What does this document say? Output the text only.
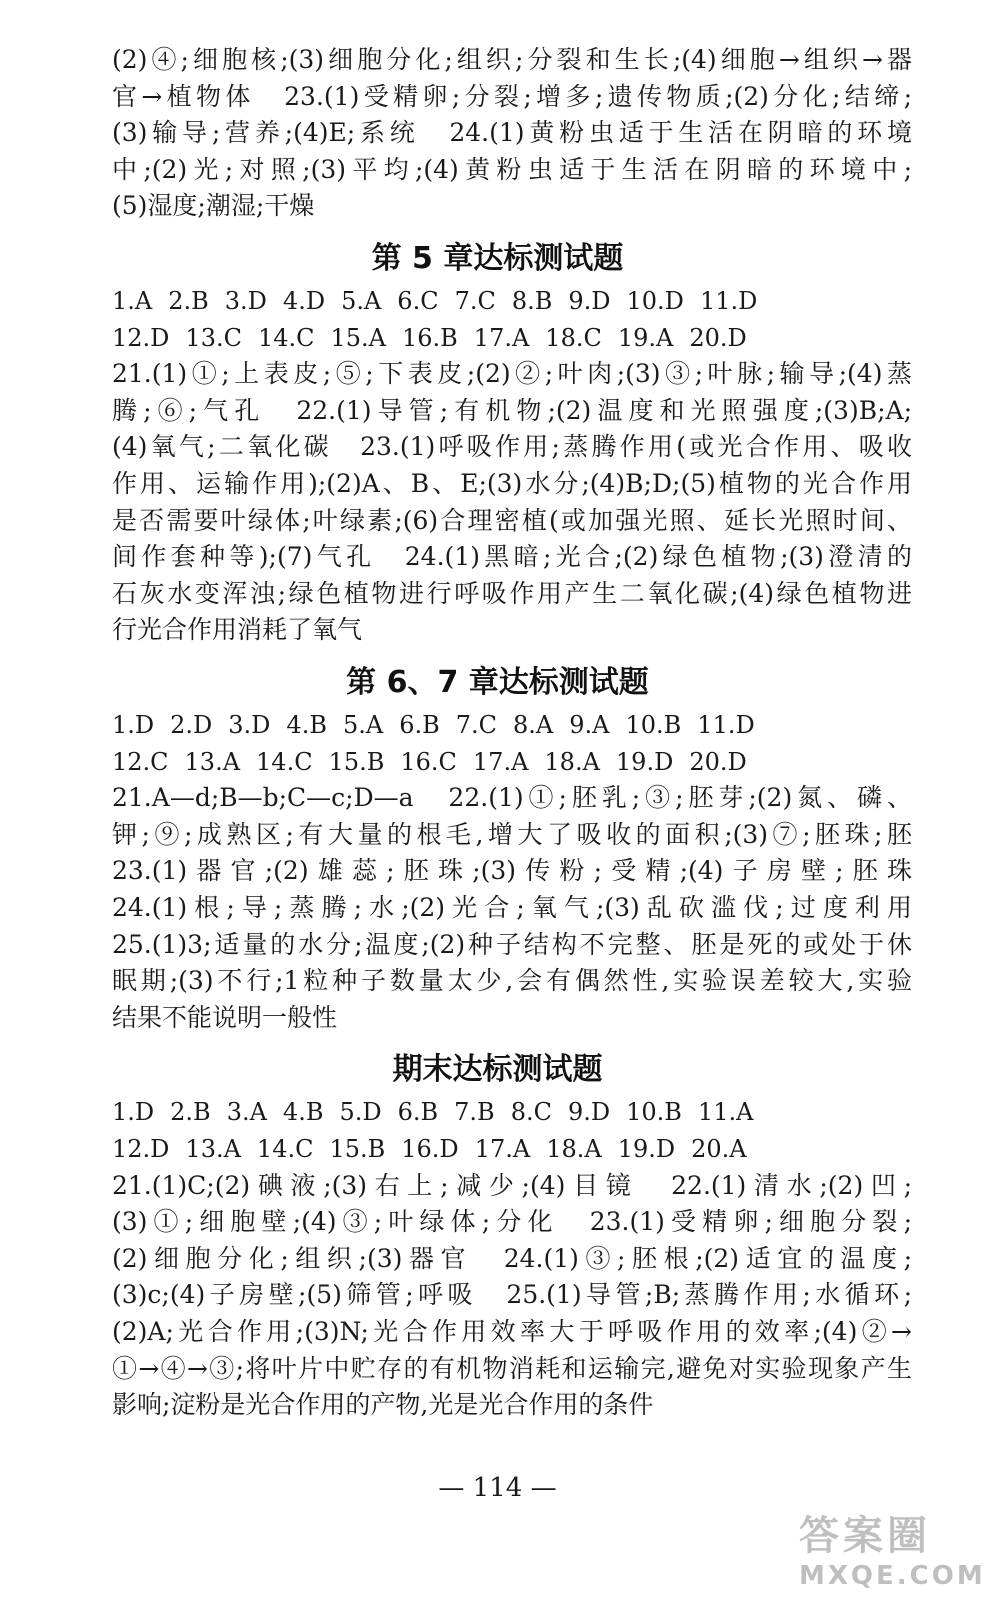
(2)④;细胞核;(3)细胞分化;组织;分裂和生长;(4)细胞→组织→器
官→植物体　23.(1)受精卵;分裂;增多;遗传物质;(2)分化;结缔;
(3)输导;营养;(4)E;系统　24.(1)黄粉虫适于生活在阴暗的环境
中;(2)光;对照;(3)平均;(4)黄粉虫适于生活在阴暗的环境中;
(5)湿度;潮湿;干燥
第 5 章达标测试题
1.A 2.B 3.D 4.D 5.A 6.C 7.C 8.B 9.D 10.D 11.D
12.D 13.C 14.C 15.A 16.B 17.A 18.C 19.A 20.D
21.(1)①;上表皮;⑤;下表皮;(2)②;叶肉;(3)③;叶脉;输导;(4)蒸
腾;⑥;气孔　22.(1)导管;有机物;(2)温度和光照强度;(3)B;A;
(4)氧气;二氧化碳　23.(1)呼吸作用;蒸腾作用(或光合作用、吸收
作用、运输作用);(2)A、B、E;(3)水分;(4)B;D;(5)植物的光合作用
是否需要叶绿体;叶绿素;(6)合理密植(或加强光照、延长光照时间、
间作套种等);(7)气孔　24.(1)黑暗;光合;(2)绿色植物;(3)澄清的
石灰水变浑浊;绿色植物进行呼吸作用产生二氧化碳;(4)绿色植物进
行光合作用消耗了氧气
第 6、7 章达标测试题
1.D 2.D 3.D 4.B 5.A 6.B 7.C 8.A 9.A 10.B 11.D
12.C 13.A 14.C 15.B 16.C 17.A 18.A 19.D 20.D
21.A—d;B—b;C—c;D—a　22.(1)①;胚乳;③;胚芽;(2)氮、磷、
钾;⑨;成熟区;有大量的根毛,增大了吸收的面积;(3)⑦;胚珠;胚
23.(1)器官;(2)雄蕊;胚珠;(3)传粉;受精;(4)子房壁;胚珠
24.(1)根;导;蒸腾;水;(2)光合;氧气;(3)乱砍滥伐;过度利用
25.(1)3;适量的水分;温度;(2)种子结构不完整、胚是死的或处于休
眠期;(3)不行;1粒种子数量太少,会有偶然性,实验误差较大,实验
结果不能说明一般性
期末达标测试题
1.D 2.B 3.A 4.B 5.D 6.B 7.B 8.C 9.D 10.B 11.A
12.D 13.A 14.C 15.B 16.D 17.A 18.A 19.D 20.A
21.(1)C;(2)碘液;(3)右上;减少;(4)目镜　22.(1)清水;(2)凹;
(3)①;细胞壁;(4)③;叶绿体;分化　23.(1)受精卵;细胞分裂;
(2)细胞分化;组织;(3)器官　24.(1)③;胚根;(2)适宜的温度;
(3)c;(4)子房壁;(5)筛管;呼吸　25.(1)导管;B;蒸腾作用;水循环;
(2)A;光合作用;(3)N;光合作用效率大于呼吸作用的效率;(4)②→
①→④→③;将叶片中贮存的有机物消耗和运输完,避免对实验现象产生
影响;淀粉是光合作用的产物,光是光合作用的条件
— 114 —
答案圈
MXQE.COM
